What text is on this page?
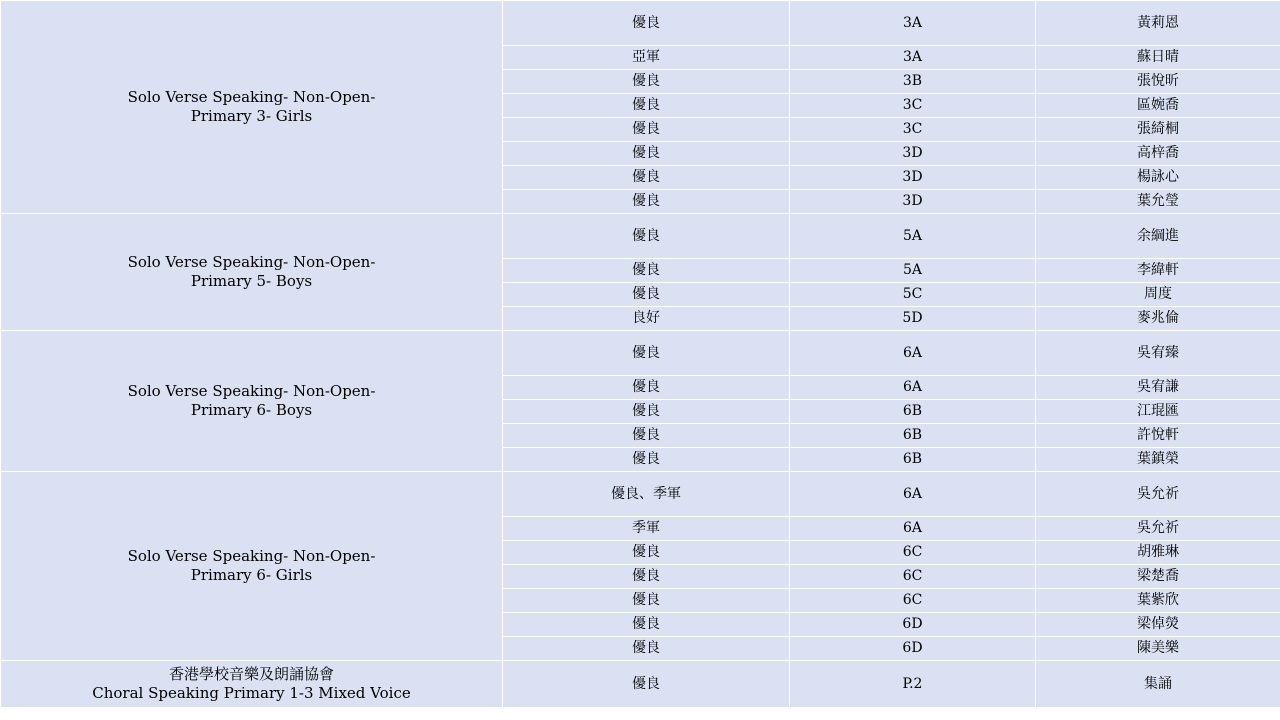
Solo Verse Speaking- Non-Open-
Primary 3- Girls	優良	3A	黃莉恩
	亞軍	3A	蘇日晴
	優良	3B	張悅昕
	優良	3C	區婉喬
	優良	3C	張綺桐
	優良	3D	高梓喬
	優良	3D	楊詠心
	優良	3D	葉允瑩

Solo Verse Speaking- Non-Open-
Primary 5- Boys	優良	5A	余綱進
	優良	5A	李緯軒
	優良	5C	周度
	良好	5D	麥兆倫

Solo Verse Speaking- Non-Open-
Primary 6- Boys	優良	6A	吳宥臻
	優良	6A	吳宥謙
	優良	6B	江琨匯
	優良	6B	許悅軒
	優良	6B	葉鎮榮

Solo Verse Speaking- Non-Open-
Primary 6- Girls	優良、季軍	6A	吳允祈
	季軍	6A	吳允祈
	優良	6C	胡雅琳
	優良	6C	梁楚喬
	優良	6C	葉紫欣
	優良	6D	梁倬熒
	優良	6D	陳美樂

香港學校音樂及朗誦協會
Choral Speaking Primary 1-3 Mixed Voice	優良	P.2	集誦
